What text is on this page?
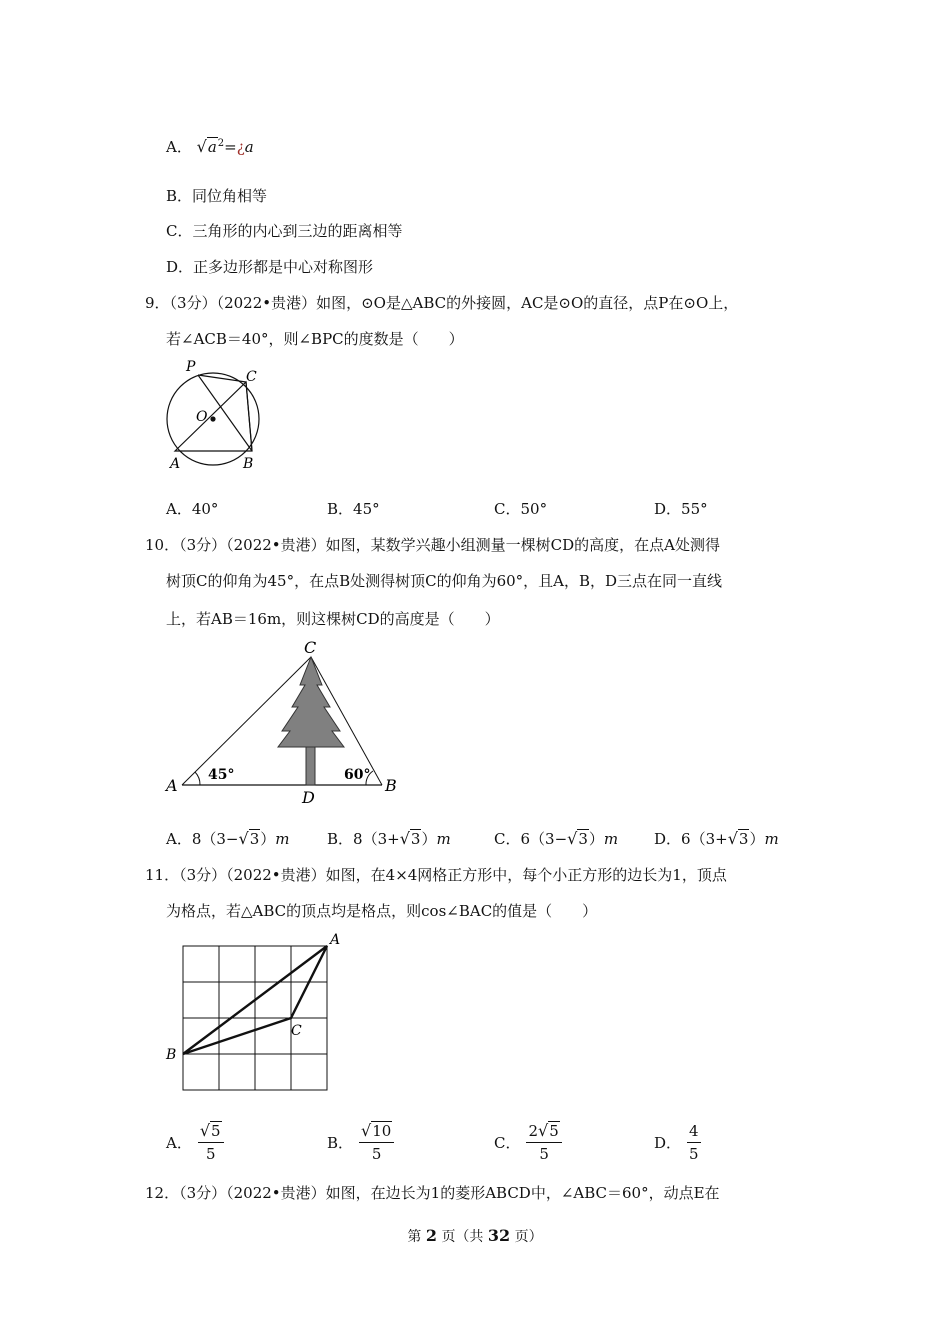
A． $√a^2=¿a$
B．同位角相等
C．三角形的内心到三边的距离相等
D．正多边形都是中心对称图形
9．（3分）（2022•贵港）如图，⊙O是△ABC的外接圆，AC是⊙O的直径，点P在⊙O上，
若∠ACB＝40°，则∠BPC的度数是（　　）
P
C
O
A	B
A．40°	B．45°	C．50°	D．55°
10．（3分）（2022•贵港）如图，某数学兴趣小组测量一棵树CD的高度，在点A处测得
树顶C的仰角为45°，在点B处测得树顶C的仰角为60°，且A，B，D三点在同一直线
上，若AB＝16m，则这棵树CD的高度是（　　）
C
A	B
D
45°	60°
A．8（3−√3）m	B．8（3+√3）m	C．6（3−√3）m D．6（3+√3）m
11．（3分）（2022•贵港）如图，在4×4网格正方形中，每个小正方形的边长为1，顶点
为格点，若△ABC的顶点均是格点，则cos∠BAC的值是（　　）
A
B
C
A． $\frac{√5}{5}$	B． $\frac{√10}{5}$	C． $\frac{2√5}{5}$	D． $\frac{4}{5}$
12．（3分）（2022•贵港）如图，在边长为1的菱形ABCD中，∠ABC＝60°，动点E在
第 2 页（共 32 页）
